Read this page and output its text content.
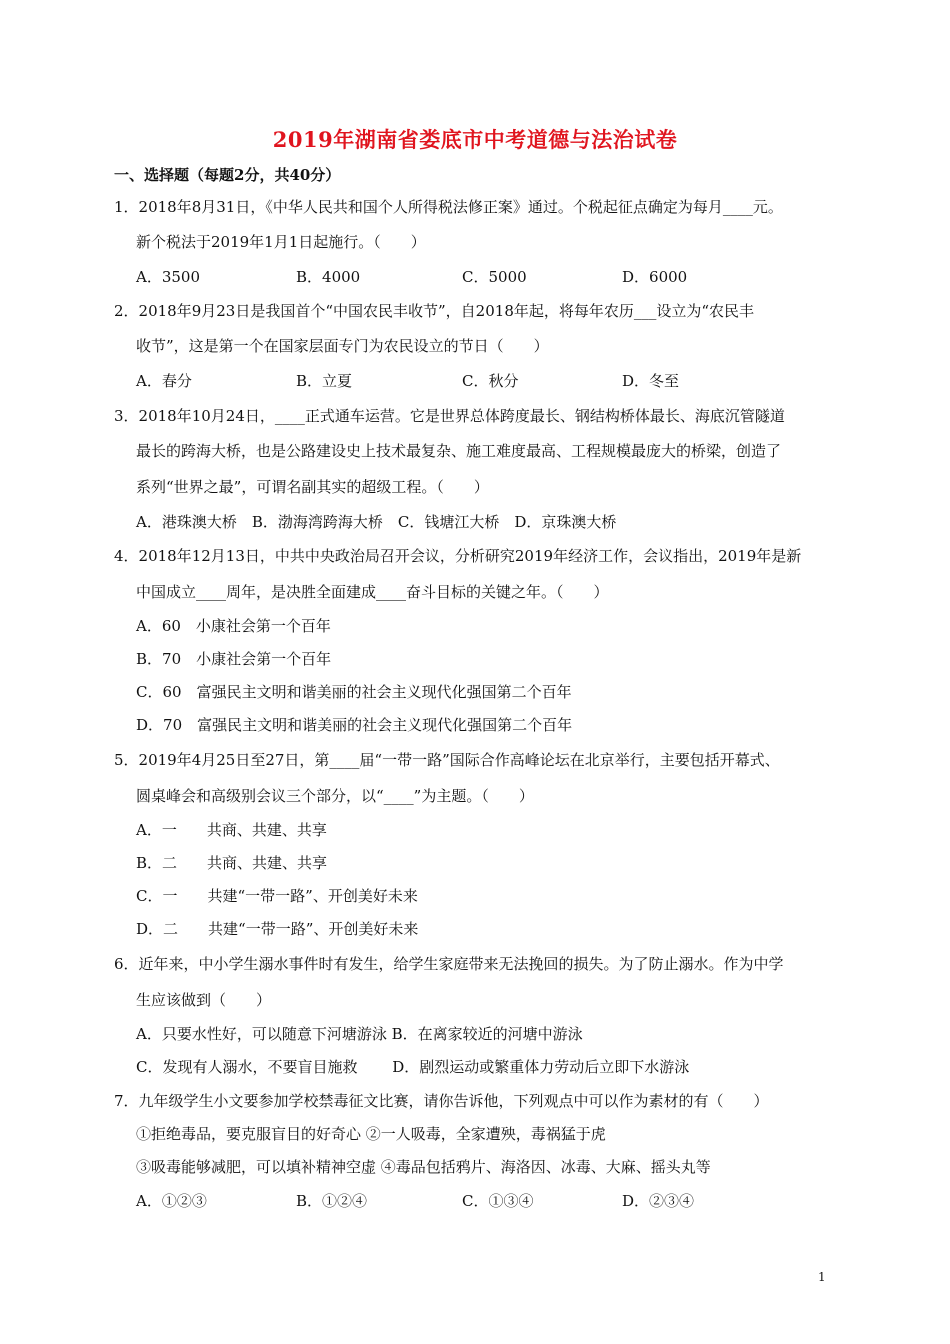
2019年湖南省娄底市中考道德与法治试卷
一、选择题（每题2分，共40分）
1．2018年8月31日，《中华人民共和国个人所得税法修正案》通过。个税起征点确定为每月____元。
新个税法于2019年1月1日起施行。（　　）
A．3500	B．4000	C．5000	D．6000
2．2018年9月23日是我国首个“中国农民丰收节”，自2018年起，将每年农历___设立为“农民丰
收节”，这是第一个在国家层面专门为农民设立的节日（　　）
A．春分	B．立夏	C．秋分	D．冬至
3．2018年10月24日，____正式通车运营。它是世界总体跨度最长、钢结构桥体最长、海底沉管隧道
最长的跨海大桥，也是公路建设史上技术最复杂、施工难度最高、工程规模最庞大的桥梁，创造了
系列“世界之最”，可谓名副其实的超级工程。（　　）
A．港珠澳大桥　B．渤海湾跨海大桥　C．钱塘江大桥　D．京珠澳大桥
4．2018年12月13日，中共中央政治局召开会议，分析研究2019年经济工作，会议指出，2019年是新
中国成立____周年，是决胜全面建成____奋斗目标的关键之年。（　　）
A．60　小康社会第一个百年
B．70　小康社会第一个百年
C．60　富强民主文明和谐美丽的社会主义现代化强国第二个百年
D．70　富强民主文明和谐美丽的社会主义现代化强国第二个百年
5．2019年4月25日至27日，第____届“一带一路”国际合作高峰论坛在北京举行，主要包括开幕式、
圆桌峰会和高级别会议三个部分，以“____”为主题。（　　）
A．一　　共商、共建、共享
B．二　　共商、共建、共享
C．一　　共建“一带一路”、开创美好未来
D．二　　共建“一带一路”、开创美好未来
6．近年来，中小学生溺水事件时有发生，给学生家庭带来无法挽回的损失。为了防止溺水。作为中学
生应该做到（　　）
A．只要水性好，可以随意下河塘游泳 B．在离家较近的河塘中游泳
C．发现有人溺水，不要盲目施救　　 D．剧烈运动或繁重体力劳动后立即下水游泳
7．九年级学生小文要参加学校禁毒征文比赛，请你告诉他，下列观点中可以作为素材的有（　　）
①拒绝毒品，要克服盲目的好奇心 ②一人吸毒，全家遭殃，毒祸猛于虎
③吸毒能够减肥，可以填补精神空虚 ④毒品包括鸦片、海洛因、冰毒、大麻、摇头丸等
A．①②③	B．①②④	C．①③④	D．②③④
1
